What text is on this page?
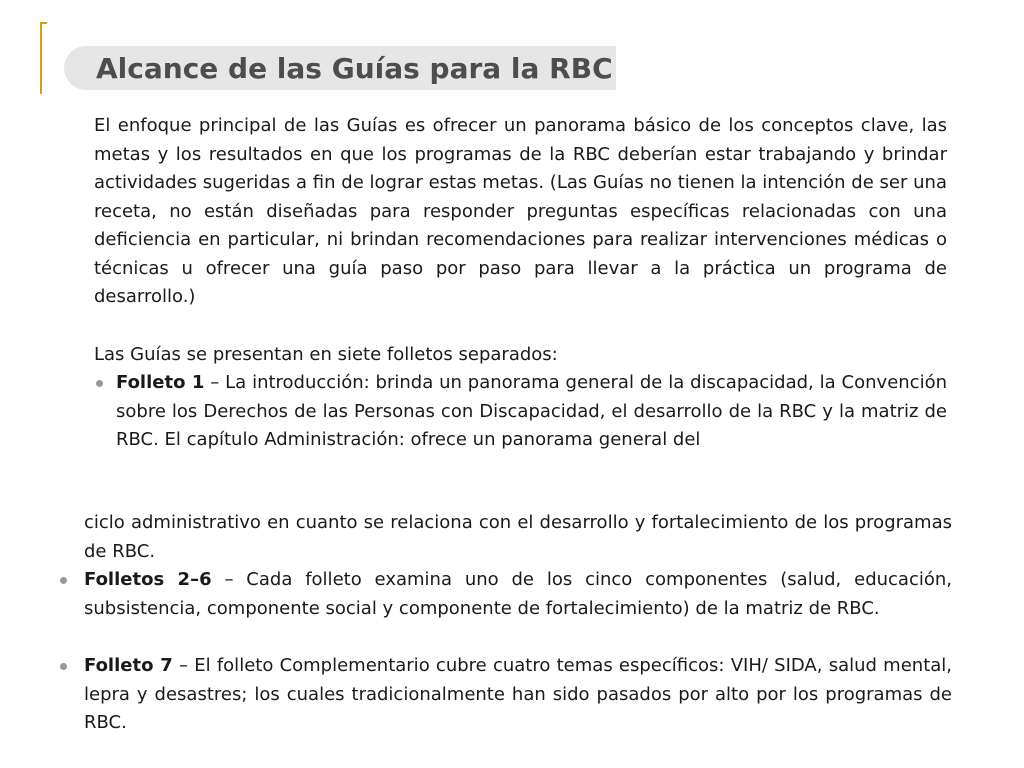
Alcance de las Guías para la RBC

El enfoque principal de las Guías es ofrecer un panorama básico de los conceptos clave, las metas y los resultados en que los programas de la RBC deberían estar trabajando y brindar actividades sugeridas a fin de lograr estas metas. (Las Guías no tienen la intención de ser una receta, no están diseñadas para responder preguntas específicas relacionadas con una deficiencia en particular, ni brindan recomendaciones para realizar intervenciones médicas o técnicas u ofrecer una guía paso por paso para llevar a la práctica un programa de desarrollo.)

Las Guías se presentan en siete folletos separados:

Folleto 1 – La introducción: brinda un panorama general de la discapacidad, la Convención sobre los Derechos de las Personas con Discapacidad, el desarrollo de la RBC y la matriz de RBC. El capítulo Administración: ofrece un panorama general del

ciclo administrativo en cuanto se relaciona con el desarrollo y fortalecimiento de los programas de RBC.

Folletos 2–6 – Cada folleto examina uno de los cinco componentes (salud, educación, subsistencia, componente social y componente de fortalecimiento) de la matriz de RBC.

Folleto 7 – El folleto Complementario cubre cuatro temas específicos: VIH/ SIDA, salud mental, lepra y desastres; los cuales tradicionalmente han sido pasados por alto por los programas de RBC.
